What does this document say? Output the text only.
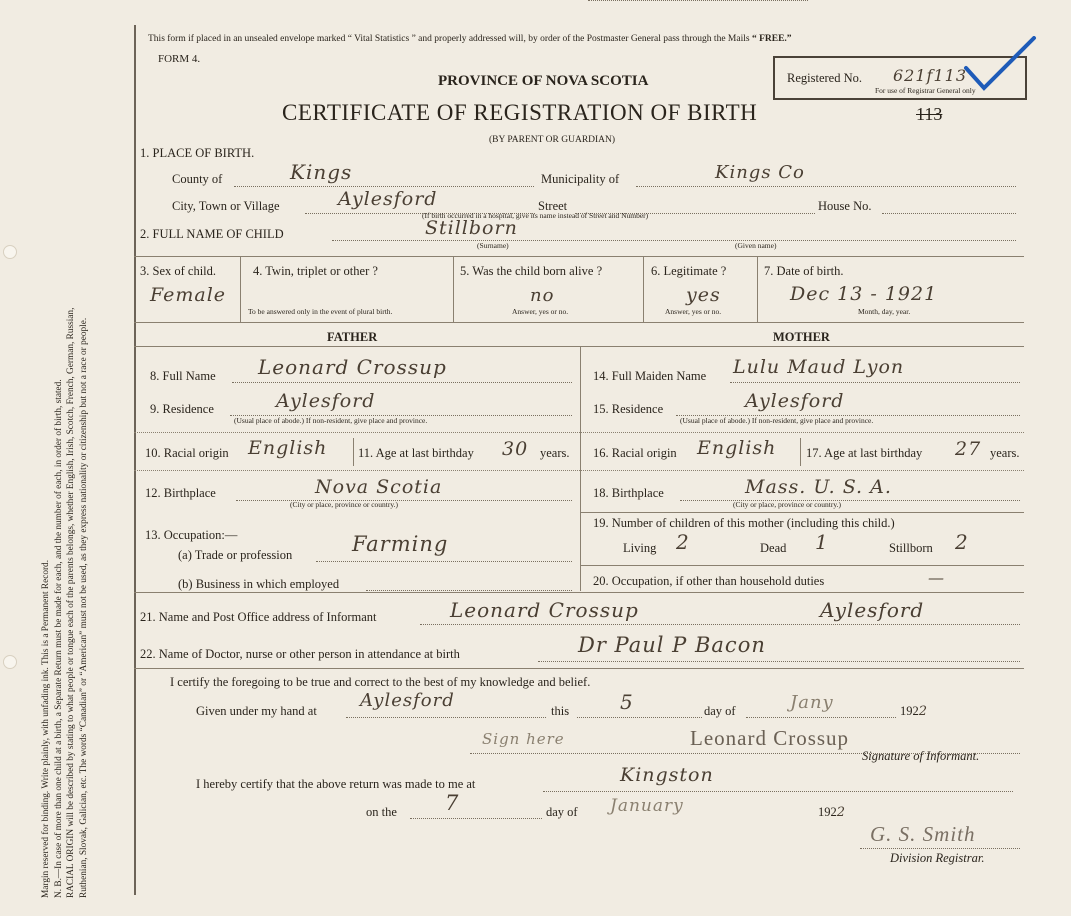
Margin reserved for binding. Write plainly, with unfading ink. This is a Permanent Record. N. B.—In case of more than one child at a birth, a Separate Return must be made for each, and the number of each, in order of birth, stated. RACIAL ORIGIN will be described by stating to what people or tongue each of the parents belongs, whether English, Irish, Scotch, French, German, Russian, Ruthenian, Slovak, Galician, etc. The words “Canadian” or “American” must not be used, as they express nationality or citizenship but not a race or people.
This form if placed in an unsealed envelope marked “ Vital Statistics ” and properly addressed will, by order of the Postmaster General pass through the Mails “ FREE.”
FORM 4.
PROVINCE OF NOVA SCOTIA
CERTIFICATE OF REGISTRATION OF BIRTH	113
(BY PARENT OR GUARDIAN)
Registered No. 621f113
For use of Registrar General only
1. PLACE OF BIRTH.
County of	Kings	Municipality of	Kings Co
City, Town or Village	Aylesford	Street	House No.
(If birth occurred in a hospital, give its name instead of Street and Number)
2. FULL NAME OF CHILD	Stillborn
(Surname)	(Given name)
3. Sex of child.
Female
4. Twin, triplet or other ?
To be answered only in the event of plural birth.
5. Was the child born alive ?
no
Answer, yes or no.
6. Legitimate ?
yes
Answer, yes or no.
7. Date of birth.
Dec 13 - 1921
Month, day, year.
FATHER	MOTHER
8. Full Name Leonard Crossup
9. Residence	Aylesford
(Usual place of abode.) If non-resident, give place and province.
10. Racial origin English 11. Age at last birthday 30 years.
12. Birthplace	Nova Scotia
(City or place, province or country.)
13. Occupation:—
(a) Trade or profession	Farming
(b) Business in which employed
14. Full Maiden Name Lulu Maud Lyon
15. Residence	Aylesford
(Usual place of abode.) If non-resident, give place and province.
16. Racial origin English 17. Age at last birthday 27 years.
18. Birthplace	Mass. U. S. A.
(City or place, province or country.)
19. Number of children of this mother (including this child.)
Living 2	Dead 1	Stillborn 2
20. Occupation, if other than household duties	—
21. Name and Post Office address of Informant	Leonard Crossup	Aylesford
22. Name of Doctor, nurse or other person in attendance at birth	Dr Paul P Bacon
I certify the foregoing to be true and correct to the best of my knowledge and belief.
Given under my hand at Aylesford	this	5	day of	Jany	1922
Sign here	Leonard Crossup
Signature of Informant.
I hereby certify that the above return was made to me at	Kingston
on the 7	day of January	1922
G. S. Smith
Division Registrar.
